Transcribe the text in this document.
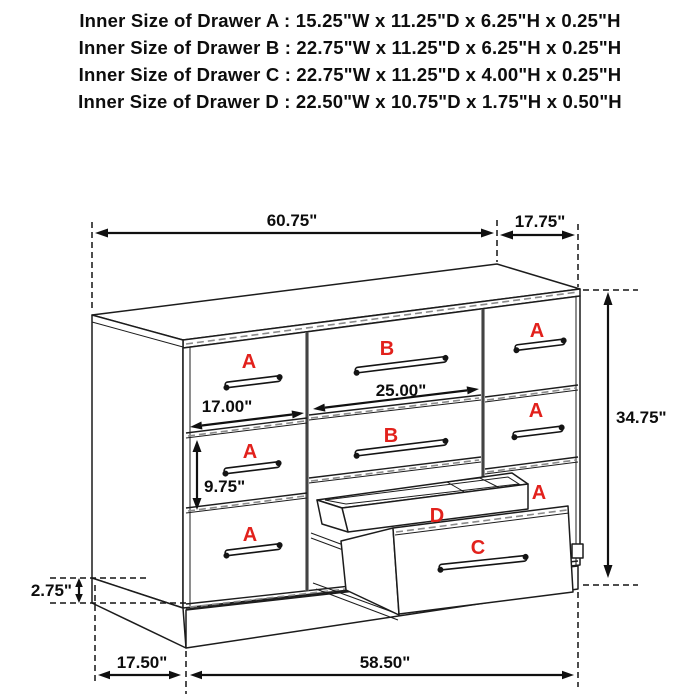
Inner Size of Drawer A : 15.25"W x 11.25"D x 6.25"H x 0.25"H
Inner Size of Drawer B : 22.75"W x 11.25"D x 6.25"H x 0.25"H
Inner Size of Drawer C : 22.75"W x 11.25"D x 4.00"H x 0.25"H
Inner Size of Drawer D : 22.50"W x 10.75"D x 1.75"H x 0.50"H
A
A
A
B
B
A
A
A
D
C
60.75"	17.75"
34.75"
25.00"
17.00"
9.75"
2.75"
17.50"	58.50"
